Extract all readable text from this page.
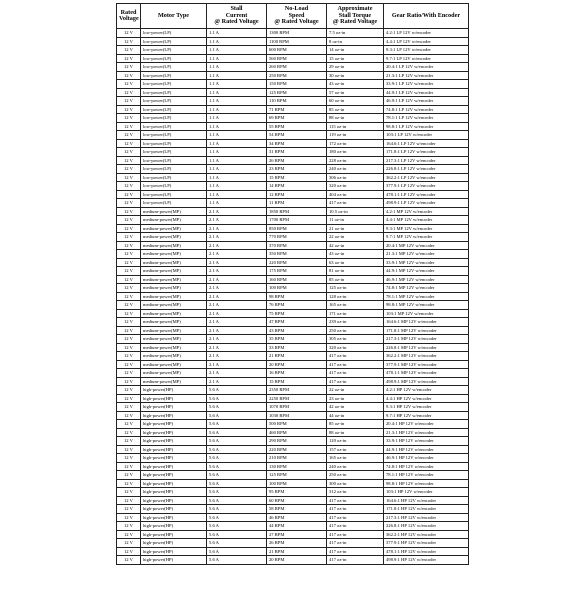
Rated
Voltage	Motor Type	Stall
Current
@ Rated Voltage	No-Load
Speed
@ Rated Voltage	Approximate
Stall Torque
@ Rated Voltage	Gear Ratio/With Encoder
12 V	low-power(LP)	1.1 A	1300 RPM	7.5 oz-in	4.2:1 LP 12V w/encoder
12 V	low-power(LP)	1.1 A	1100 RPM	8 oz-in	4.4:1 LP 12V w/encoder
12 V	low-power(LP)	1.1 A	600 RPM	14 oz-in	9.3:1 LP 12V w/encoder
12 V	low-power(LP)	1.1 A	560 RPM	15 oz-in	9.7:1 LP 12V w/encoder
12 V	low-power(LP)	1.1 A	260 RPM	29 oz-in	20.4:1 LP 12V w/encoder
12 V	low-power(LP)	1.1 A	250 RPM	30 oz-in	21.3:1 LP 12V w/encoder
12 V	low-power(LP)	1.1 A	150 RPM	43 oz-in	33.9:1 LP 12V w/encoder
12 V	low-power(LP)	1.1 A	125 RPM	57 oz-in	44.9:1 LP 12V w/encoder
12 V	low-power(LP)	1.1 A	110 RPM	60 oz-in	46.9:1 LP 12V w/encoder
12 V	low-power(LP)	1.1 A	71 RPM	85 oz-in	74.8:1 LP 12V w/encoder
12 V	low-power(LP)	1.1 A	69 RPM	88 oz-in	78.1:1 LP 12V w/encoder
12 V	low-power(LP)	1.1 A	55 RPM	115 oz-in	98.8:1 LP 12V w/encoder
12 V	low-power(LP)	1.1 A	54 RPM	119 oz-in	103:1 LP 12V w/encoder
12 V	low-power(LP)	1.1 A	34 RPM	172 oz-in	164.6:1 LP 12V w/encoder
12 V	low-power(LP)	1.1 A	31 RPM	180 oz-in	171.8:1 LP 12V w/encoder
12 V	low-power(LP)	1.1 A	26 RPM	228 oz-in	217.3:1 LP 12V w/encoder
12 V	low-power(LP)	1.1 A	23 RPM	240 oz-in	226.8:1 LP 12V w/encoder
12 V	low-power(LP)	1.1 A	15 RPM	306 oz-in	362.2:1 LP 12V w/encoder
12 V	low-power(LP)	1.1 A	14 RPM	320 oz-in	377.9:1 LP 12V w/encoder
12 V	low-power(LP)	1.1 A	12 RPM	404 oz-in	478.1:1 LP 12V w/encoder
12 V	low-power(LP)	1.1 A	11 RPM	417 oz-in	498.9:1 LP 12V w/encoder
12 V	medium-power(MP)	2.1 A	1850 RPM	10.5 oz-in	4.2:1 MP 12V w/encoder
12 V	medium-power(MP)	2.1 A	1700 RPM	11 oz-in	4.4:1 MP 12V w/encoder
12 V	medium-power(MP)	2.1 A	850 RPM	21 oz-in	9.3:1 MP 12V w/encoder
12 V	medium-power(MP)	2.1 A	770 RPM	22 oz-in	9.7:1 MP 12V w/encoder
12 V	medium-power(MP)	2.1 A	370 RPM	42 oz-in	20.4:1 MP 12V w/encoder
12 V	medium-power(MP)	2.1 A	350 RPM	43 oz-in	21.3:1 MP 12V w/encoder
12 V	medium-power(MP)	2.1 A	220 RPM	63 oz-in	33.9:1 MP 12V w/encoder
12 V	medium-power(MP)	2.1 A	175 RPM	81 oz-in	44.9:1 MP 12V w/encoder
12 V	medium-power(MP)	2.1 A	160 RPM	85 oz-in	46.9:1 MP 12V w/encoder
12 V	medium-power(MP)	2.1 A	100 RPM	125 oz-in	74.8:1 MP 12V w/encoder
12 V	medium-power(MP)	2.1 A	98 RPM	128 oz-in	78.1:1 MP 12V w/encoder
12 V	medium-power(MP)	2.1 A	76 RPM	165 oz-in	98.8:1 MP 12V w/encoder
12 V	medium-power(MP)	2.1 A	75 RPM	171 oz-in	103:1 MP 12V w/encoder
12 V	medium-power(MP)	2.1 A	47 RPM	239 oz-in	164.6:1 MP 12V w/encoder
12 V	medium-power(MP)	2.1 A	43 RPM	250 oz-in	171.8:1 MP 12V w/encoder
12 V	medium-power(MP)	2.1 A	35 RPM	305 oz-in	217.3:1 MP 12V w/encoder
12 V	medium-power(MP)	2.1 A	33 RPM	320 oz-in	226.8:1 MP 12V w/encoder
12 V	medium-power(MP)	2.1 A	21 RPM	417 oz-in	362.2:1 MP 12V w/encoder
12 V	medium-power(MP)	2.1 A	20 RPM	417 oz-in	377.9:1 MP 12V w/encoder
12 V	medium-power(MP)	2.1 A	16 RPM	417 oz-in	478.1:1 MP 12V w/encoder
12 V	medium-power(MP)	2.1 A	15 RPM	417 oz-in	498.9:1 MP 12V w/encoder
12 V	high-power(HP)	5.6 A	2350 RPM	22 oz-in	4.2:1 HP 12V w/encoder
12 V	high-power(HP)	5.6 A	2250 RPM	23 oz-in	4.4:1 HP 12V w/encoder
12 V	high-power(HP)	5.6 A	1070 RPM	42 oz-in	9.3:1 HP 12V w/encoder
12 V	high-power(HP)	5.6 A	1030 RPM	44 oz-in	9.7:1 HP 12V w/encoder
12 V	high-power(HP)	5.6 A	500 RPM	85 oz-in	20.4:1 HP 12V w/encoder
12 V	high-power(HP)	5.6 A	460 RPM	88 oz-in	21.3:1 HP 12V w/encoder
12 V	high-power(HP)	5.6 A	290 RPM	120 oz-in	33.9:1 HP 12V w/encoder
12 V	high-power(HP)	5.6 A	220 RPM	157 oz-in	44.9:1 HP 12V w/encoder
12 V	high-power(HP)	5.6 A	210 RPM	165 oz-in	46.9:1 HP 12V w/encoder
12 V	high-power(HP)	5.6 A	130 RPM	240 oz-in	74.8:1 HP 12V w/encoder
12 V	high-power(HP)	5.6 A	125 RPM	250 oz-in	78.1:1 HP 12V w/encoder
12 V	high-power(HP)	5.6 A	100 RPM	300 oz-in	98.8:1 HP 12V w/encoder
12 V	high-power(HP)	5.6 A	95 RPM	312 oz-in	103:1 HP 12V w/encoder
12 V	high-power(HP)	5.6 A	60 RPM	417 oz-in	164.6:1 HP 12V w/encoder
12 V	high-power(HP)	5.6 A	58 RPM	417 oz-in	171.8:1 HP 12V w/encoder
12 V	high-power(HP)	5.6 A	46 RPM	417 oz-in	217.3:1 HP 12V w/encoder
12 V	high-power(HP)	5.6 A	44 RPM	417 oz-in	226.8:1 HP 12V w/encoder
12 V	high-power(HP)	5.6 A	27 RPM	417 oz-in	362.2:1 HP 12V w/encoder
12 V	high-power(HP)	5.6 A	26 RPM	417 oz-in	377.9:1 HP 12V w/encoder
12 V	high-power(HP)	5.6 A	21 RPM	417 oz-in	478.1:1 HP 12V w/encoder
12 V	high-power(HP)	5.6 A	20 RPM	417 oz-in	498.9:1 HP 12V w/encoder
